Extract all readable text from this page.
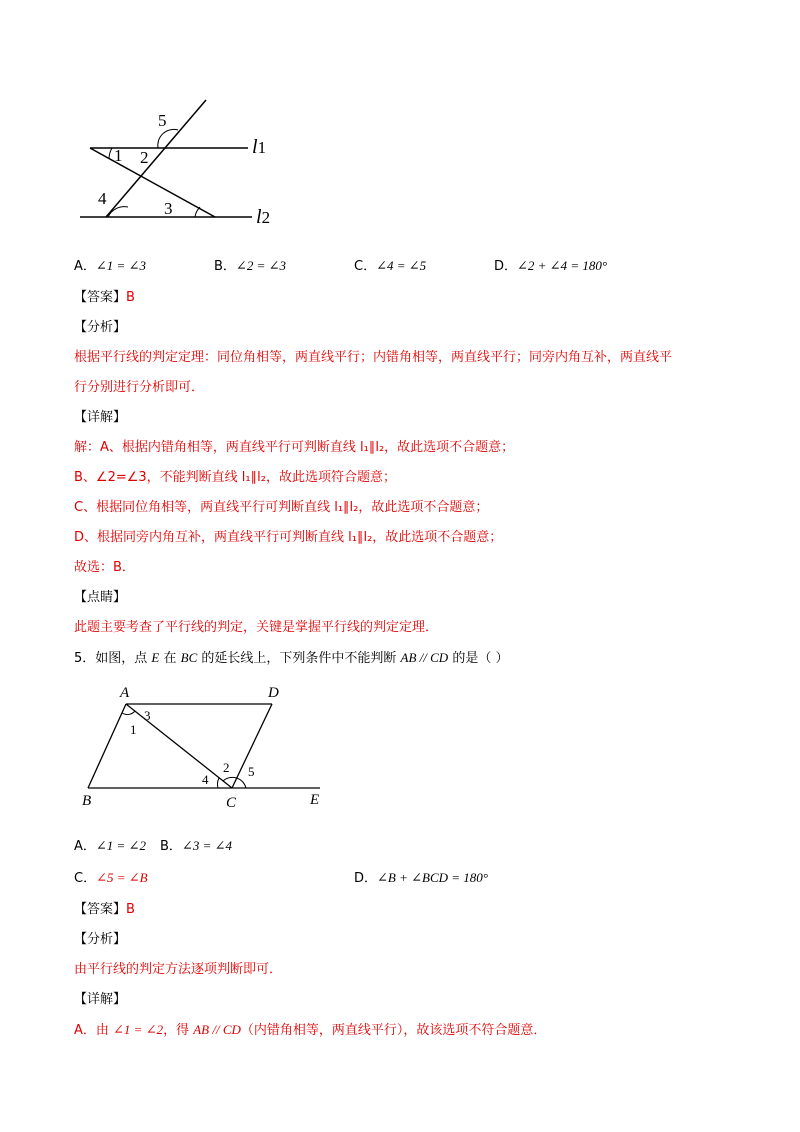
1 2
3
4
5
l1
l2
A．∠1 = ∠3	B．∠2 = ∠3	C．∠4 = ∠5	D．∠2 + ∠4 = 180°
【答案】B
【分析】
根据平行线的判定定理：同位角相等，两直线平行；内错角相等，两直线平行；同旁内角互补，两直线平
行分别进行分析即可．
【详解】
解：A、根据内错角相等，两直线平行可判断直线 l₁∥l₂，故此选项不合题意；
B、∠2=∠3，不能判断直线 l₁∥l₂，故此选项符合题意；
C、根据同位角相等，两直线平行可判断直线 l₁∥l₂，故此选项不合题意；
D、根据同旁内角互补，两直线平行可判断直线 l₁∥l₂，故此选项不合题意；
故选：B．
【点睛】
此题主要考查了平行线的判定，关键是掌握平行线的判定定理．
5．如图，点 E 在 BC 的延长线上，下列条件中不能判断 AB // CD 的是（ ）
A	D
B	C	E
1
2
3
4
5
A．∠1 = ∠2 B．∠3 = ∠4
C．∠5 = ∠B	D．∠B + ∠BCD = 180°
【答案】B
【分析】
由平行线的判定方法逐项判断即可．
【详解】
A．由 ∠1 = ∠2，得 AB // CD（内错角相等，两直线平行），故该选项不符合题意．
